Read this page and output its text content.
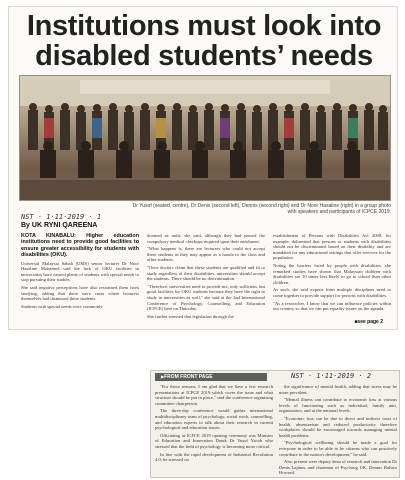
Institutions must look into
disabled students’ needs
Dr Yusof (seated, centre), Dr Denis (second left), Dennis (second right) and Dr Noor Hasaline (right) in a group photo
with speakers and participants of ICPCE 2019.
NST · 1·11·2019 · 1
By UK RYNI QAREENA

KOTA KINABALU: Higher education institutions need to provide good facilities to ensure greater accessibility for students with disabilities (OKU).

Universiti Malaysia Sabah (UMS) senior lecturer Dr Noor Hasaline Mohamed said the lack of OKU facilities in universities have caused plenty of students with special needs to stop pursuing their studies.

She said negative perceptions have also restrained them from studying, adding that there were cases where lecturers themselves had dismissed these students.

Students with special needs were commonly

doomed as unfit, she said, although they had passed the compulsory medical checkups required upon their enrolment.

"What happens is, there are lecturers who could not accept these students as they may appear as a hassle to the class and other students.

"Once doctors claim that these students are qualified and fit to study regardless of their disabilities, universities should accept the students. There should be no discrimination.

"Therefore, universities need to provide not, only sufficient, but good facilities for OKU students because they have the right to study in universities as well," she said at the 2nd International Conference of Psychology, Counselling, and Education (ICPCE) here on Thursday.

She further stressed that legislation through the

establishment of Persons with Disabilities Act 2008, for example, delineated that persons or students with disabilities should not be discriminated based on their disability and are mandated for any educational settings that offer services for the population.

Noting the barriers faced by people with disabilities, she remarked studies have shown that Malaysian children with disabilities are 10 times less likely to go to school than other children.

As such, she said experts from multiple disciplines need to come together to provide support for persons with disabilities.

"As a researcher, I know that we can influence policies within our country so that we can put equality issues on the agenda.

■ see page 2
▶ FROM FRONT PAGE	NST · 1·11·2019 · 2

"For those reasons, I am glad that we have a few research presentations at ICPCE 2019 which cover the issue and what structure should be put in place," said the conference organising committee chairperson.

The three-day conference would gather international multidisciplinary team of psychology, social work, counselling, and education experts to talk about their research in current psychological and education issues.

Officiating at ICPCE 2019 opening ceremony was Minister of Education and Innovation Datuk Dr Yusof Yacob who stressed that the field of psychology is becoming more critical.

In line with the rapid development of Industrial Revolution 4.0, he stressed on

the significance of mental health, adding that stress may be more prevalent.

"Mental illness can contribute to economic loss at various levels of functioning such as individual, family unit, organisation, and at the national levels.

"Economic loss can be due to direct and indirect costs of health, absenteeism and reduced productivity therefore workplaces should be encouraged towards managing mental health problems.

"Psychological wellbeing should be made a goal for everyone in order to be able to be citizens who can positively contribute to the nation's development," he said.

Also present were deputy dean of research and innovation Dr Denis Lajium, and chairman of Psychrog UK, Dennis Ralisto Howard.
